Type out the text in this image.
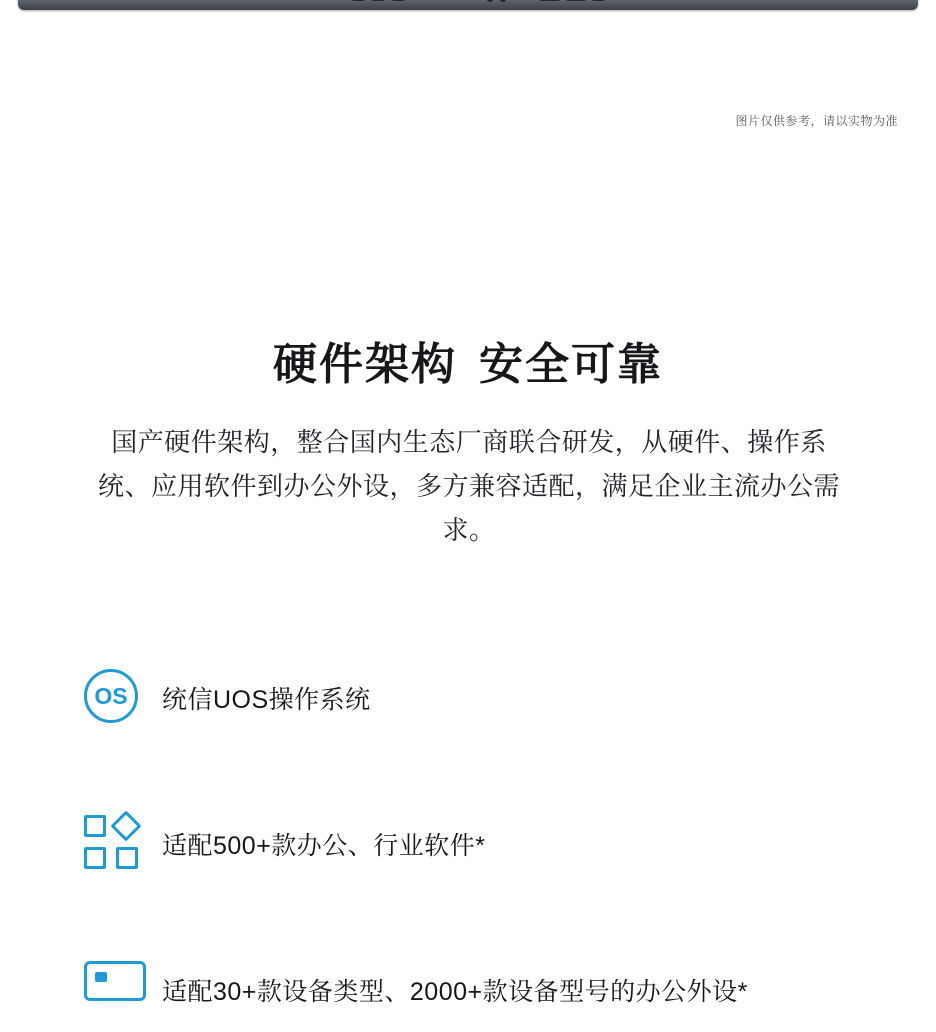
图片仅供参考，请以实物为准
硬件架构 安全可靠
国产硬件架构，整合国内生态厂商联合研发，从硬件、操作系统、应用软件到办公外设，多方兼容适配，满足企业主流办公需求。
OS	统信UOS操作系统
适配500+款办公、行业软件*
适配30+款设备类型、2000+款设备型号的办公外设*
